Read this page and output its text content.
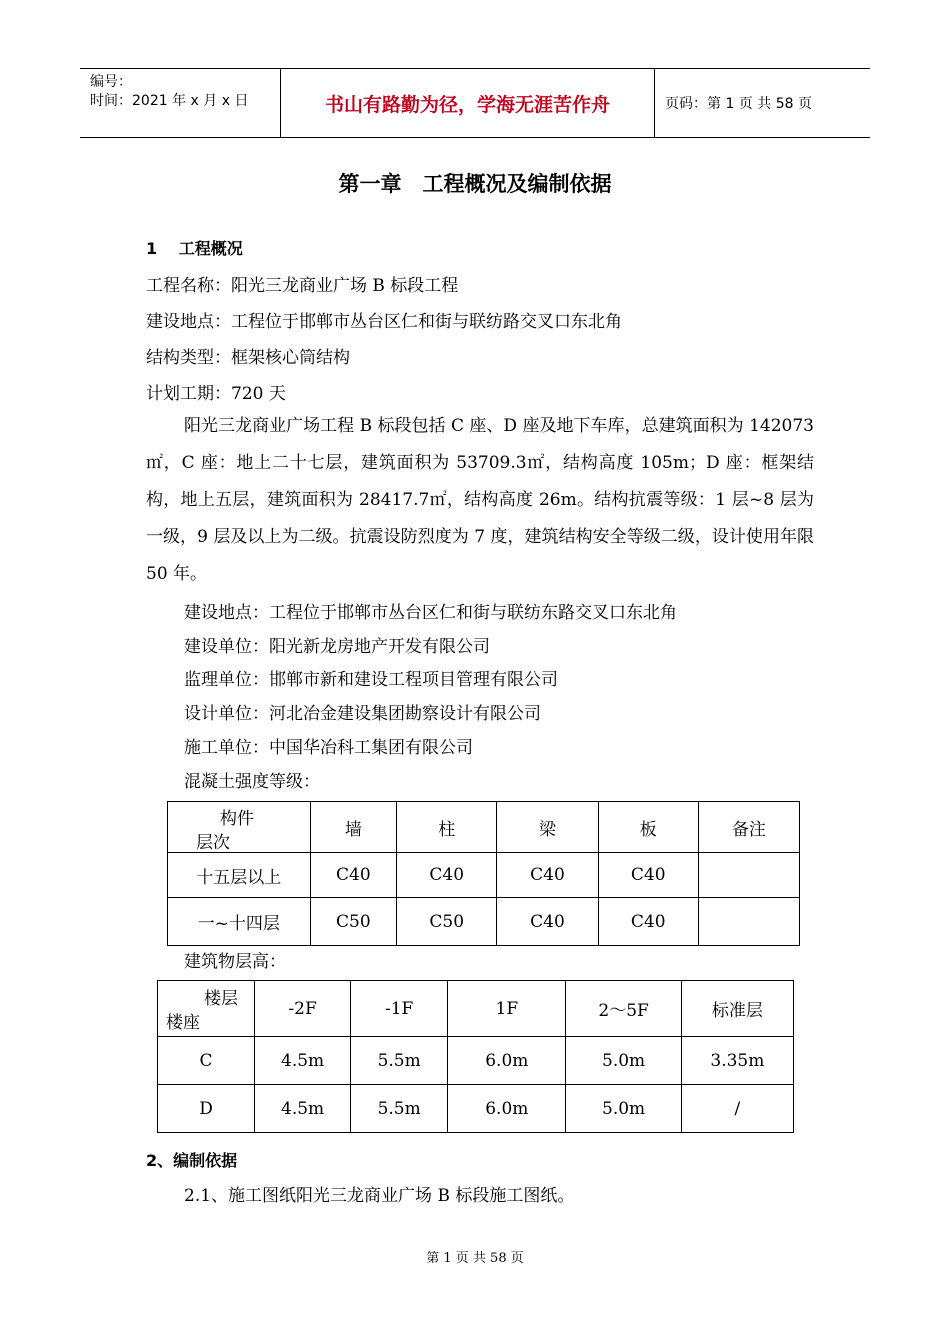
编号：
时间：2021 年 x 月 x 日	书山有路勤为径，学海无涯苦作舟	页码：第 1 页 共 58 页
第一章　工程概况及编制依据
1　 工程概况
工程名称：阳光三龙商业广场 B 标段工程
建设地点：工程位于邯郸市丛台区仁和街与联纺路交叉口东北角
结构类型：框架核心筒结构
计划工期：720 天

阳光三龙商业广场工程 B 标段包括 C 座、D 座及地下车库，总建筑面积为 142073㎡，C 座：地上二十七层，建筑面积为 53709.3㎡，结构高度 105m；D 座：框架结构，地上五层，建筑面积为 28417.7㎡，结构高度 26m。结构抗震等级：1 层~8 层为一级，9 层及以上为二级。抗震设防烈度为 7 度，建筑结构安全等级二级，设计使用年限 50 年。

建设地点：工程位于邯郸市丛台区仁和街与联纺东路交叉口东北角
建设单位：阳光新龙房地产开发有限公司
监理单位：邯郸市新和建设工程项目管理有限公司
设计单位：河北冶金建设集团勘察设计有限公司
施工单位：中国华冶科工集团有限公司
混凝土强度等级：
构件
层次	墙	柱	梁	板	备注
十五层以上	C40	C40	C40	C40	
一~十四层	C50	C50	C40	C40	
建筑物层高：
楼层
楼座	-2F	-1F	1F	2～5F	标准层
C	4.5m	5.5m	6.0m	5.0m	3.35m
D	4.5m	5.5m	6.0m	5.0m	/
2、编制依据
2.1、施工图纸阳光三龙商业广场 B 标段施工图纸。
第 1 页 共 58 页
